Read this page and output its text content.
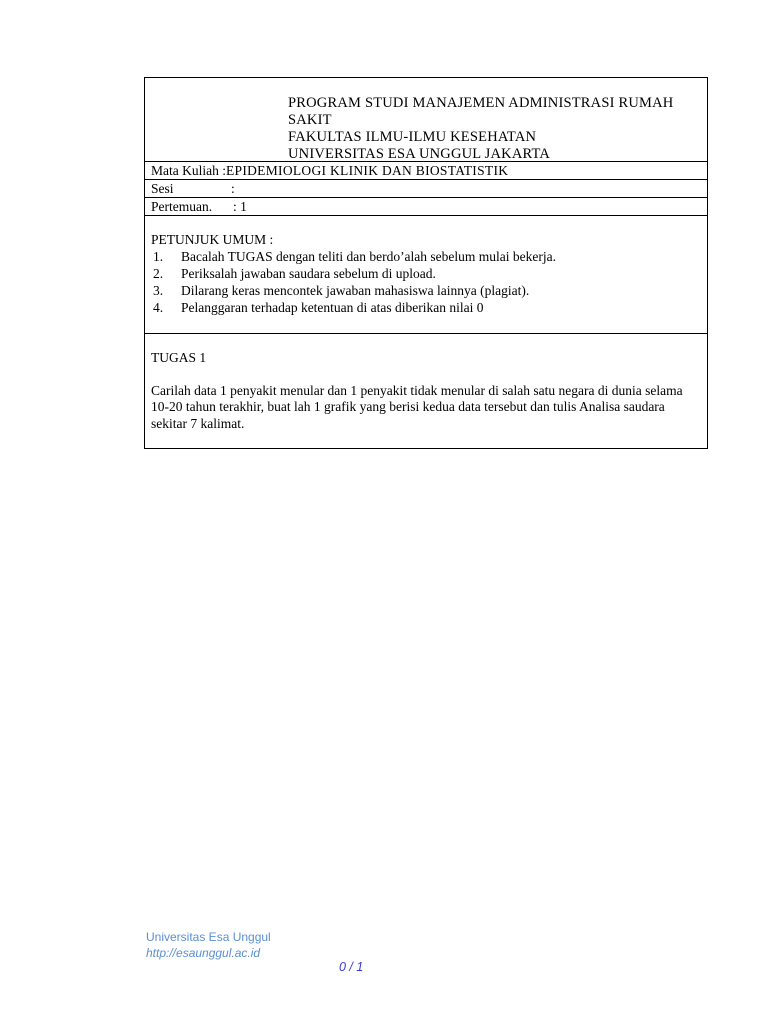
PROGRAM STUDI MANAJEMEN ADMINISTRASI RUMAH
SAKIT
FAKULTAS ILMU-ILMU KESEHATAN
UNIVERSITAS ESA UNGGUL JAKARTA
Mata Kuliah :EPIDEMIOLOGI KLINIK DAN BIOSTATISTIK
Sesi	:
Pertemuan. : 1
PETUNJUK UMUM :
1. Bacalah TUGAS dengan teliti dan berdo’alah sebelum mulai bekerja.
2. Periksalah jawaban saudara sebelum di upload.
3. Dilarang keras mencontek jawaban mahasiswa lainnya (plagiat).
4. Pelanggaran terhadap ketentuan di atas diberikan nilai 0

TUGAS 1

Carilah data 1 penyakit menular dan 1 penyakit tidak menular di salah satu negara di dunia selama 10-20 tahun terakhir, buat lah 1 grafik yang berisi kedua data tersebut dan tulis Analisa saudara sekitar 7 kalimat.

Universitas Esa Unggul
http://esaunggul.ac.id
0 / 1
